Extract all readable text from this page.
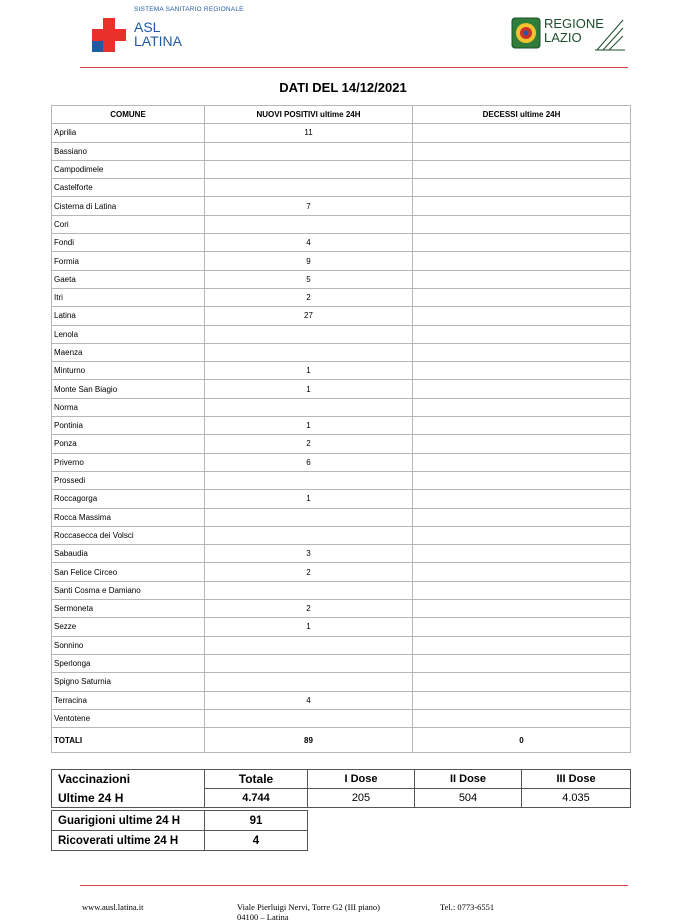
SISTEMA SANITARIO REGIONALE
ASL
LATINA
REGIONE
LAZIO
DATI DEL 14/12/2021
COMUNE	NUOVI POSITIVI ultime 24H	DECESSI ultime 24H
Aprilia	11	
Bassiano		
Campodimele		
Castelforte		
Cisterna di Latina	7	
Cori		
Fondi	4	
Formia	9	
Gaeta	5	
Itri	2	
Latina	27	
Lenola		
Maenza		
Minturno	1	
Monte San Biagio	1	
Norma		
Pontinia	1	
Ponza	2	
Priverno	6	
Prossedi		
Roccagorga	1	
Rocca Massima		
Roccasecca dei Volsci		
Sabaudia	3	
San Felice Circeo	2	
Santi Cosma e Damiano		
Sermoneta	2	
Sezze	1	
Sonnino		
Sperlonga		
Spigno Saturnia		
Terracina	4	
Ventotene		
TOTALI	89	0
Vaccinazioni	Totale	I Dose	II Dose	III Dose
Ultime 24 H	4.744	205	504	4.035
Guarigioni ultime 24 H	91
Ricoverati ultime 24 H	4
www.ausl.latina.it	Viale Pierluigi Nervi, Torre G2 (III piano)
04100 – Latina
Tel.: 0773-6551
